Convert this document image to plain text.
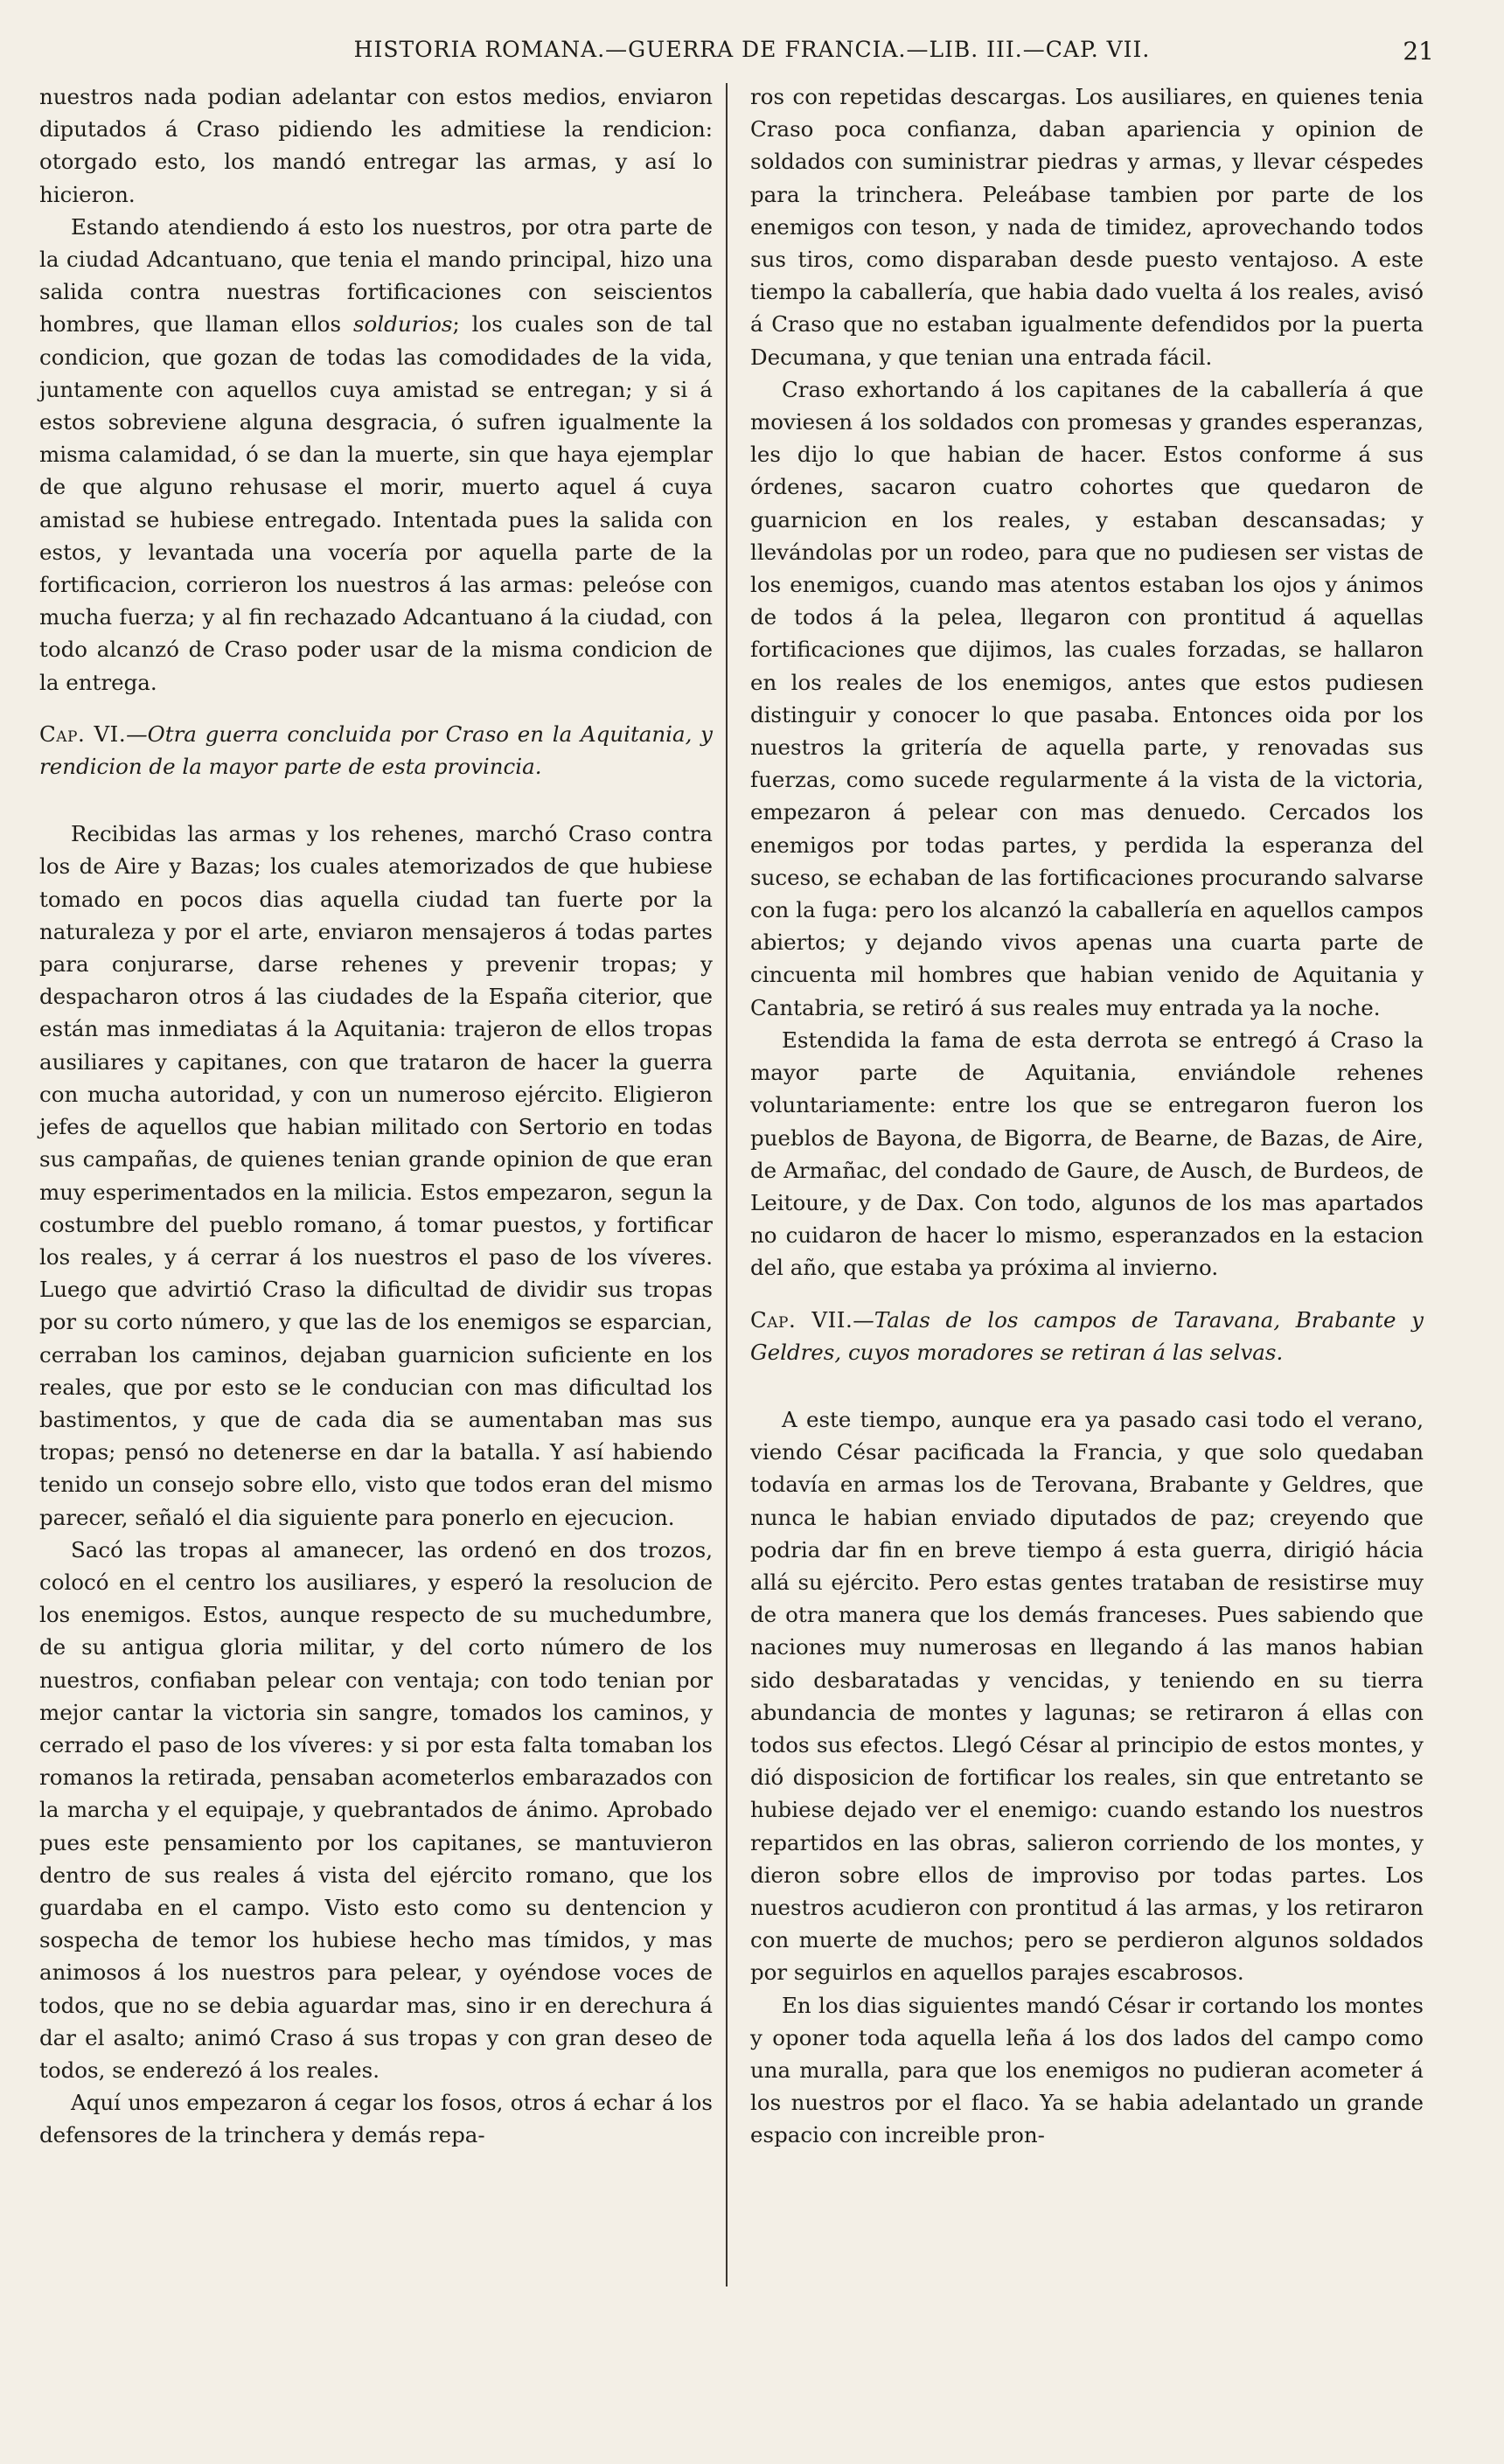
HISTORIA ROMANA.—GUERRA DE FRANCIA.—LIB. III.—CAP. VII.	21

nuestros nada podian adelantar con estos medios, enviaron diputados á Craso pidiendo les admitiese la rendicion: otorgado esto, los mandó entregar las armas, y así lo hicieron.

Estando atendiendo á esto los nuestros, por otra parte de la ciudad Adcantuano, que tenia el mando principal, hizo una salida contra nuestras fortificaciones con seiscientos hombres, que llaman ellos soldurios; los cuales son de tal condicion, que gozan de todas las comodidades de la vida, juntamente con aquellos cuya amistad se entregan; y si á estos sobreviene alguna desgracia, ó sufren igualmente la misma calamidad, ó se dan la muerte, sin que haya ejemplar de que alguno rehusase el morir, muerto aquel á cuya amistad se hubiese entregado. Intentada pues la salida con estos, y levantada una vocería por aquella parte de la fortificacion, corrieron los nuestros á las armas: peleóse con mucha fuerza; y al fin rechazado Adcantuano á la ciudad, con todo alcanzó de Craso poder usar de la misma condicion de la entrega.

Cap. VI.—Otra guerra concluida por Craso en la Aquitania, y rendicion de la mayor parte de esta provincia.

Recibidas las armas y los rehenes, marchó Craso contra los de Aire y Bazas; los cuales atemorizados de que hubiese tomado en pocos dias aquella ciudad tan fuerte por la naturaleza y por el arte, enviaron mensajeros á todas partes para conjurarse, darse rehenes y prevenir tropas; y despacharon otros á las ciudades de la España citerior, que están mas inmediatas á la Aquitania: trajeron de ellos tropas ausiliares y capitanes, con que trataron de hacer la guerra con mucha autoridad, y con un numeroso ejército. Eligieron jefes de aquellos que habian militado con Sertorio en todas sus campañas, de quienes tenian grande opinion de que eran muy esperimentados en la milicia. Estos empezaron, segun la costumbre del pueblo romano, á tomar puestos, y fortificar los reales, y á cerrar á los nuestros el paso de los víveres. Luego que advirtió Craso la dificultad de dividir sus tropas por su corto número, y que las de los enemigos se esparcian, cerraban los caminos, dejaban guarnicion suficiente en los reales, que por esto se le conducian con mas dificultad los bastimentos, y que de cada dia se aumentaban mas sus tropas; pensó no detenerse en dar la batalla. Y así habiendo tenido un consejo sobre ello, visto que todos eran del mismo parecer, señaló el dia siguiente para ponerlo en ejecucion.

Sacó las tropas al amanecer, las ordenó en dos trozos, colocó en el centro los ausiliares, y esperó la resolucion de los enemigos. Estos, aunque respecto de su muchedumbre, de su antigua gloria militar, y del corto número de los nuestros, confiaban pelear con ventaja; con todo tenian por mejor cantar la victoria sin sangre, tomados los caminos, y cerrado el paso de los víveres: y si por esta falta tomaban los romanos la retirada, pensaban acometerlos embarazados con la marcha y el equipaje, y quebrantados de ánimo. Aprobado pues este pensamiento por los capitanes, se mantuvieron dentro de sus reales á vista del ejército romano, que los guardaba en el campo. Visto esto como su dentencion y sospecha de temor los hubiese hecho mas tímidos, y mas animosos á los nuestros para pelear, y oyéndose voces de todos, que no se debia aguardar mas, sino ir en derechura á dar el asalto; animó Craso á sus tropas y con gran deseo de todos, se enderezó á los reales.

Aquí unos empezaron á cegar los fosos, otros á echar á los defensores de la trinchera y demás repa-

ros con repetidas descargas. Los ausiliares, en quienes tenia Craso poca confianza, daban apariencia y opinion de soldados con suministrar piedras y armas, y llevar céspedes para la trinchera. Peleábase tambien por parte de los enemigos con teson, y nada de timidez, aprovechando todos sus tiros, como disparaban desde puesto ventajoso. A este tiempo la caballería, que habia dado vuelta á los reales, avisó á Craso que no estaban igualmente defendidos por la puerta Decumana, y que tenian una entrada fácil.

Craso exhortando á los capitanes de la caballería á que moviesen á los soldados con promesas y grandes esperanzas, les dijo lo que habian de hacer. Estos conforme á sus órdenes, sacaron cuatro cohortes que quedaron de guarnicion en los reales, y estaban descansadas; y llevándolas por un rodeo, para que no pudiesen ser vistas de los enemigos, cuando mas atentos estaban los ojos y ánimos de todos á la pelea, llegaron con prontitud á aquellas fortificaciones que dijimos, las cuales forzadas, se hallaron en los reales de los enemigos, antes que estos pudiesen distinguir y conocer lo que pasaba. Entonces oida por los nuestros la gritería de aquella parte, y renovadas sus fuerzas, como sucede regularmente á la vista de la victoria, empezaron á pelear con mas denuedo. Cercados los enemigos por todas partes, y perdida la esperanza del suceso, se echaban de las fortificaciones procurando salvarse con la fuga: pero los alcanzó la caballería en aquellos campos abiertos; y dejando vivos apenas una cuarta parte de cincuenta mil hombres que habian venido de Aquitania y Cantabria, se retiró á sus reales muy entrada ya la noche.

Estendida la fama de esta derrota se entregó á Craso la mayor parte de Aquitania, enviándole rehenes voluntariamente: entre los que se entregaron fueron los pueblos de Bayona, de Bigorra, de Bearne, de Bazas, de Aire, de Armañac, del condado de Gaure, de Ausch, de Burdeos, de Leitoure, y de Dax. Con todo, algunos de los mas apartados no cuidaron de hacer lo mismo, esperanzados en la estacion del año, que estaba ya próxima al invierno.

Cap. VII.—Talas de los campos de Taravana, Brabante y Geldres, cuyos moradores se retiran á las selvas.

A este tiempo, aunque era ya pasado casi todo el verano, viendo César pacificada la Francia, y que solo quedaban todavía en armas los de Terovana, Brabante y Geldres, que nunca le habian enviado diputados de paz; creyendo que podria dar fin en breve tiempo á esta guerra, dirigió hácia allá su ejército. Pero estas gentes trataban de resistirse muy de otra manera que los demás franceses. Pues sabiendo que naciones muy numerosas en llegando á las manos habian sido desbaratadas y vencidas, y teniendo en su tierra abundancia de montes y lagunas; se retiraron á ellas con todos sus efectos. Llegó César al principio de estos montes, y dió disposicion de fortificar los reales, sin que entretanto se hubiese dejado ver el enemigo: cuando estando los nuestros repartidos en las obras, salieron corriendo de los montes, y dieron sobre ellos de improviso por todas partes. Los nuestros acudieron con prontitud á las armas, y los retiraron con muerte de muchos; pero se perdieron algunos soldados por seguirlos en aquellos parajes escabrosos.

En los dias siguientes mandó César ir cortando los montes y oponer toda aquella leña á los dos lados del campo como una muralla, para que los enemigos no pudieran acometer á los nuestros por el flaco. Ya se habia adelantado un grande espacio con increible pron-
